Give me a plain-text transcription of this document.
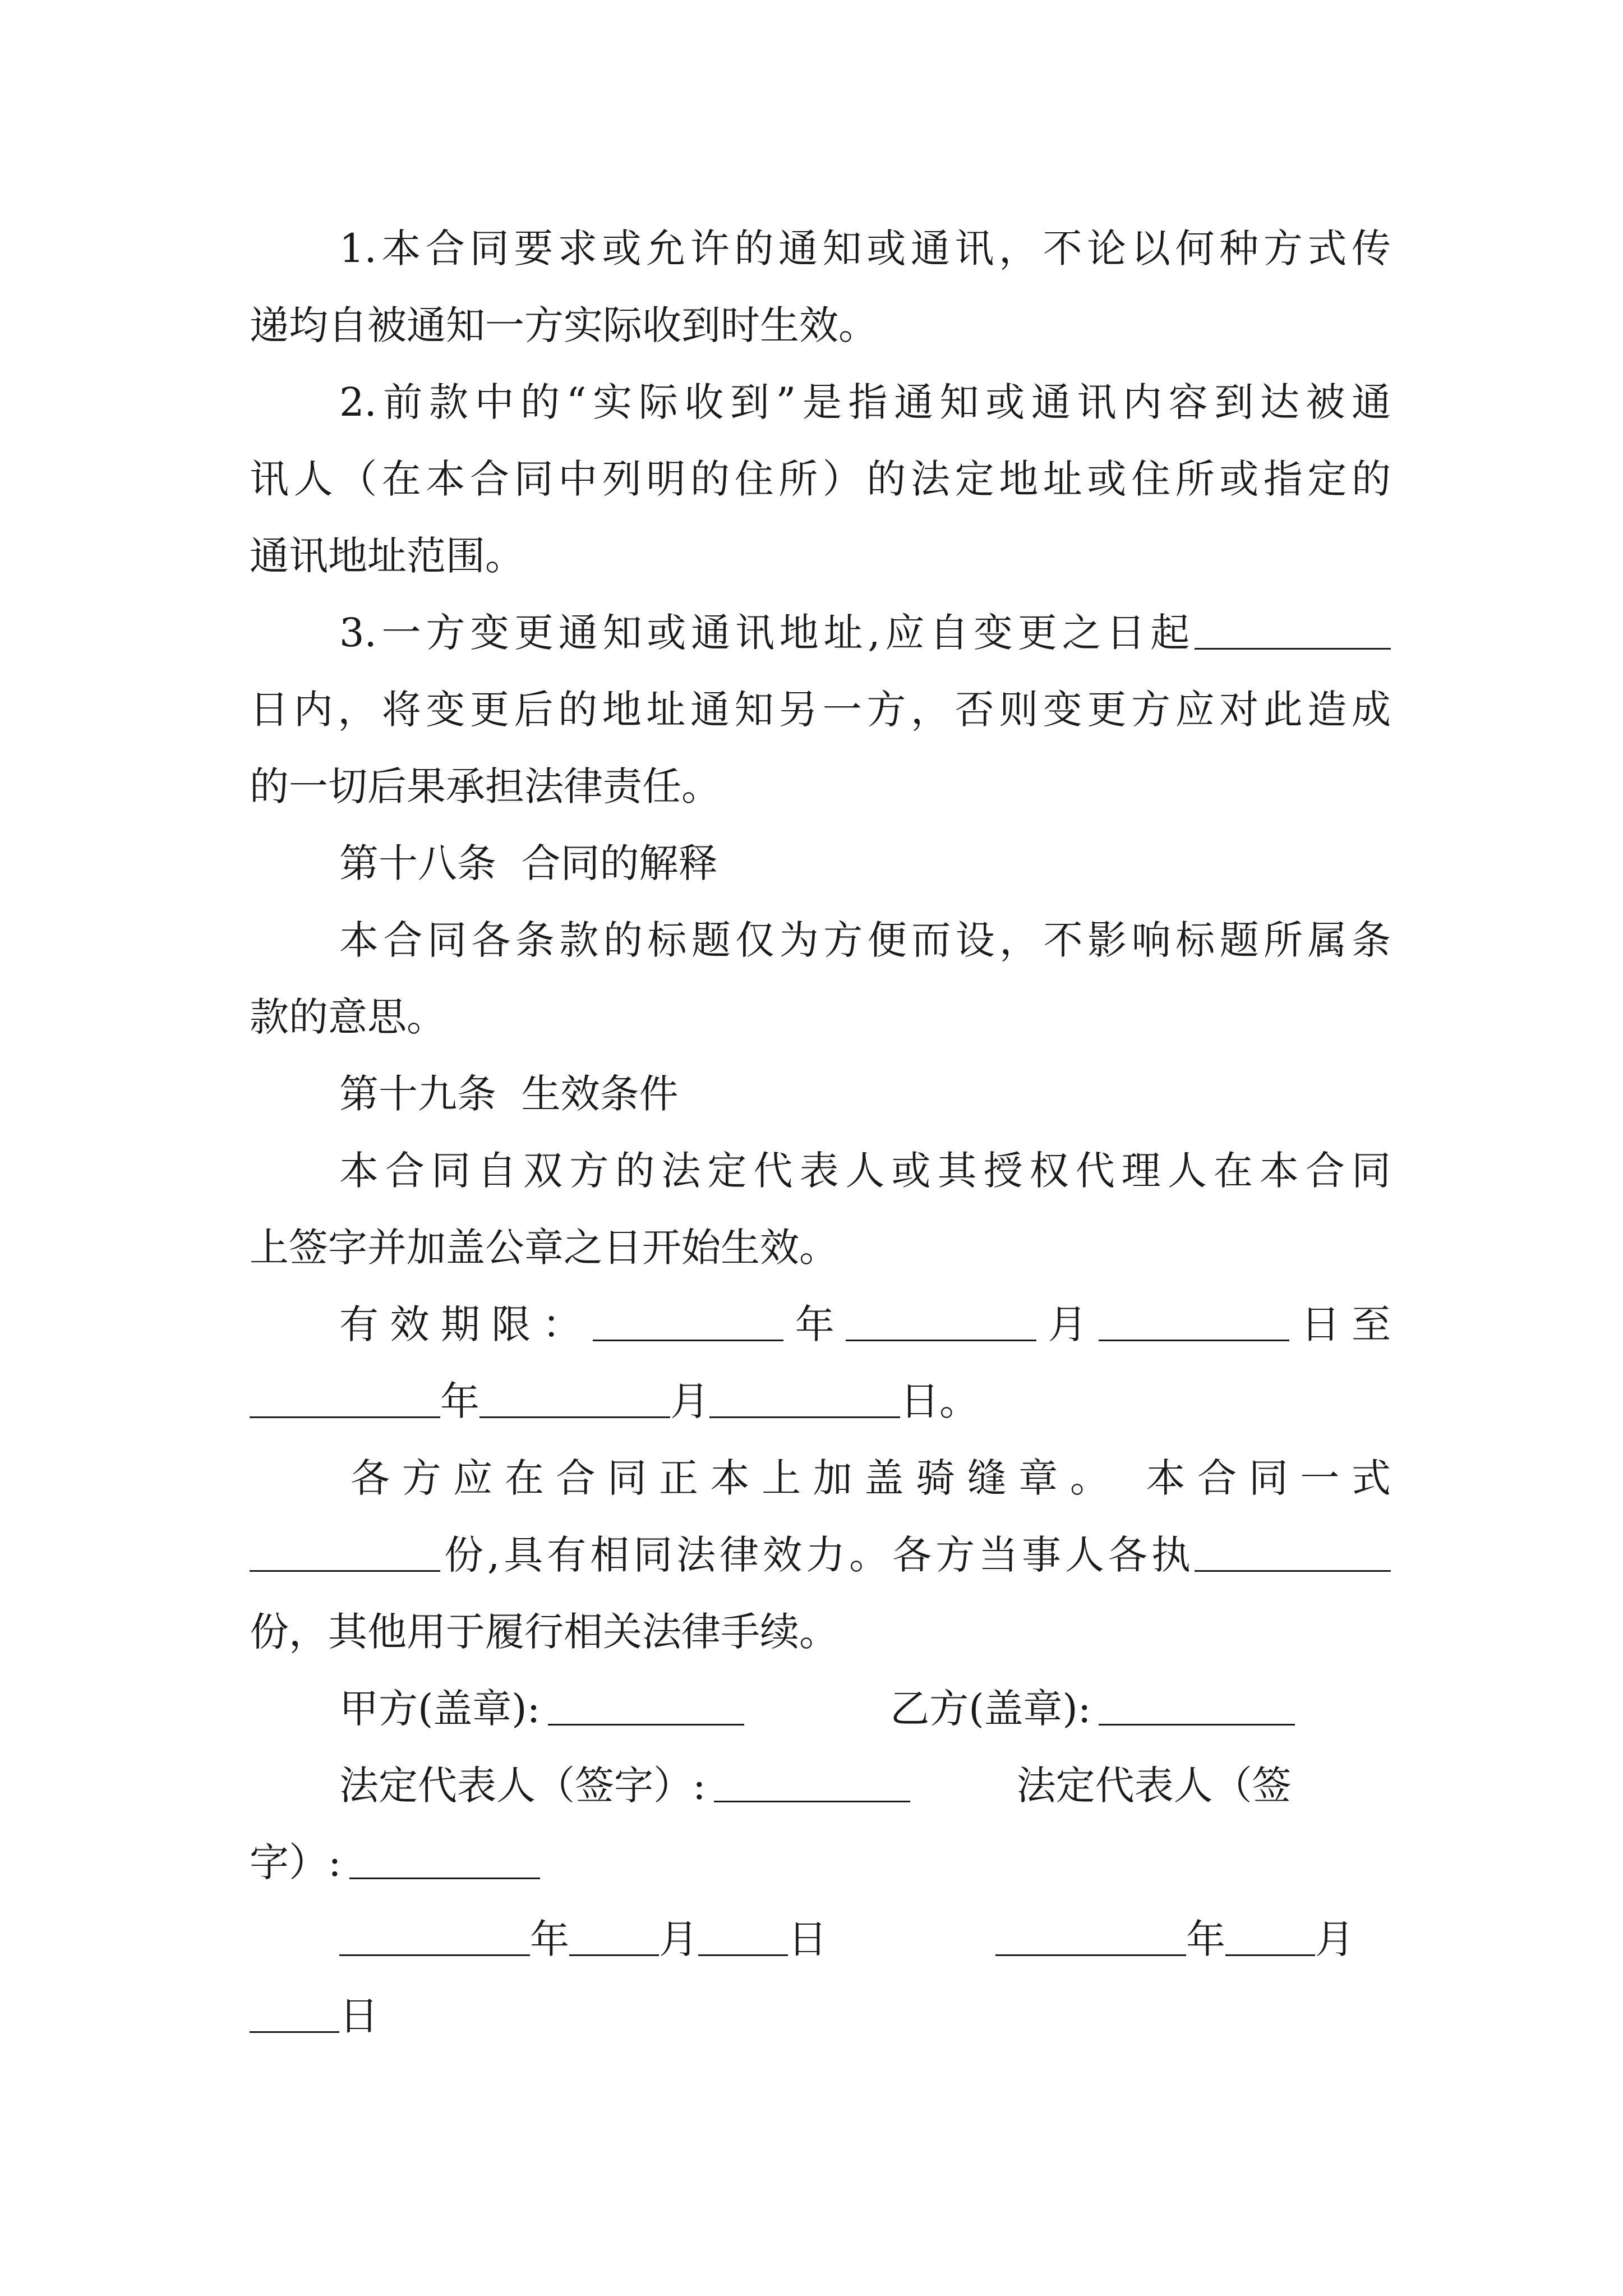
1.本合同要求或允许的通知或通讯，不论以何种方式传

递均自被通知一方实际收到时生效。

2.前款中的“实际收到”是指通知或通讯内容到达被通

讯人（在本合同中列明的住所）的法定地址或住所或指定的

通讯地址范围。

3.一方变更通知或通讯地址,应自变更之日起

日内，将变更后的地址通知另一方，否则变更方应对此造成

的一切后果承担法律责任。

第十八条  合同的解释

本合同各条款的标题仅为方便而设，不影响标题所属条

款的意思。

第十九条  生效条件

本合同自双方的法定代表人或其授权代理人在本合同

上签字并加盖公章之日开始生效。

有效期限：	年	月	日至

年	月	日。

各方应在合同正本上加盖骑缝章。 本合同一式

份,具有相同法律效力。各方当事人各执

份，其他用于履行相关法律手续。

甲方(盖章):	乙方(盖章):

法定代表人（签字）:	法定代表人（签

字）:

年 月 日	年 月

日
